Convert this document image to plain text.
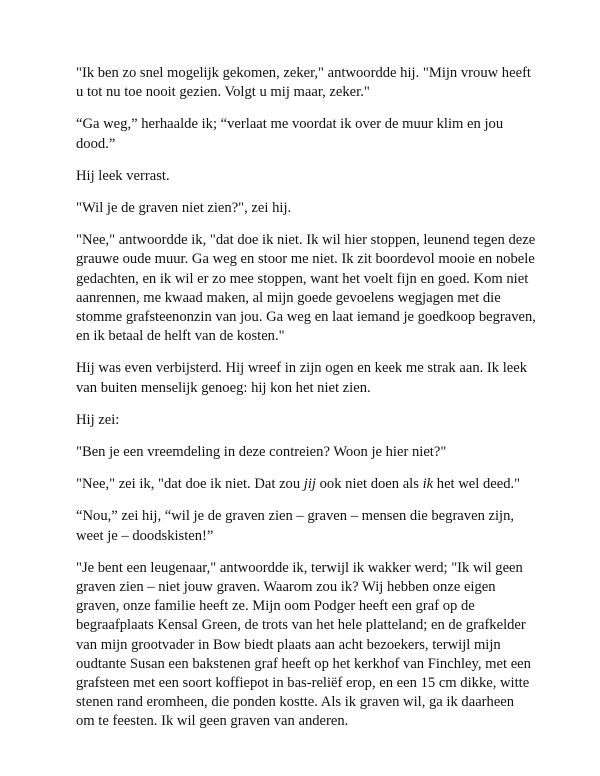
"Ik ben zo snel mogelijk gekomen, zeker," antwoordde hij. "Mijn vrouw heeft u tot nu toe nooit gezien. Volgt u mij maar, zeker."

“Ga weg,” herhaalde ik; “verlaat me voordat ik over de muur klim en jou dood.”

Hij leek verrast.

"Wil je de graven niet zien?", zei hij.

"Nee," antwoordde ik, "dat doe ik niet. Ik wil hier stoppen, leunend tegen deze grauwe oude muur. Ga weg en stoor me niet. Ik zit boordevol mooie en nobele gedachten, en ik wil er zo mee stoppen, want het voelt fijn en goed. Kom niet aanrennen, me kwaad maken, al mijn goede gevoelens wegjagen met die stomme grafsteenonzin van jou. Ga weg en laat iemand je goedkoop begraven, en ik betaal de helft van de kosten."

Hij was even verbijsterd. Hij wreef in zijn ogen en keek me strak aan. Ik leek van buiten menselijk genoeg: hij kon het niet zien.

Hij zei:

"Ben je een vreemdeling in deze contreien? Woon je hier niet?"

"Nee," zei ik, "dat doe ik niet. Dat zou jij ook niet doen als ik het wel deed."

“Nou,” zei hij, “wil je de graven zien – graven – mensen die begraven zijn, weet je – doodskisten!”

"Je bent een leugenaar," antwoordde ik, terwijl ik wakker werd; "Ik wil geen graven zien – niet jouw graven. Waarom zou ik? Wij hebben onze eigen graven, onze familie heeft ze. Mijn oom Podger heeft een graf op de begraafplaats Kensal Green, de trots van het hele platteland; en de grafkelder van mijn grootvader in Bow biedt plaats aan acht bezoekers, terwijl mijn oudtante Susan een bakstenen graf heeft op het kerkhof van Finchley, met een grafsteen met een soort koffiepot in bas-reliëf erop, en een 15 cm dikke, witte stenen rand eromheen, die ponden kostte. Als ik graven wil, ga ik daarheen om te feesten. Ik wil geen graven van anderen.
